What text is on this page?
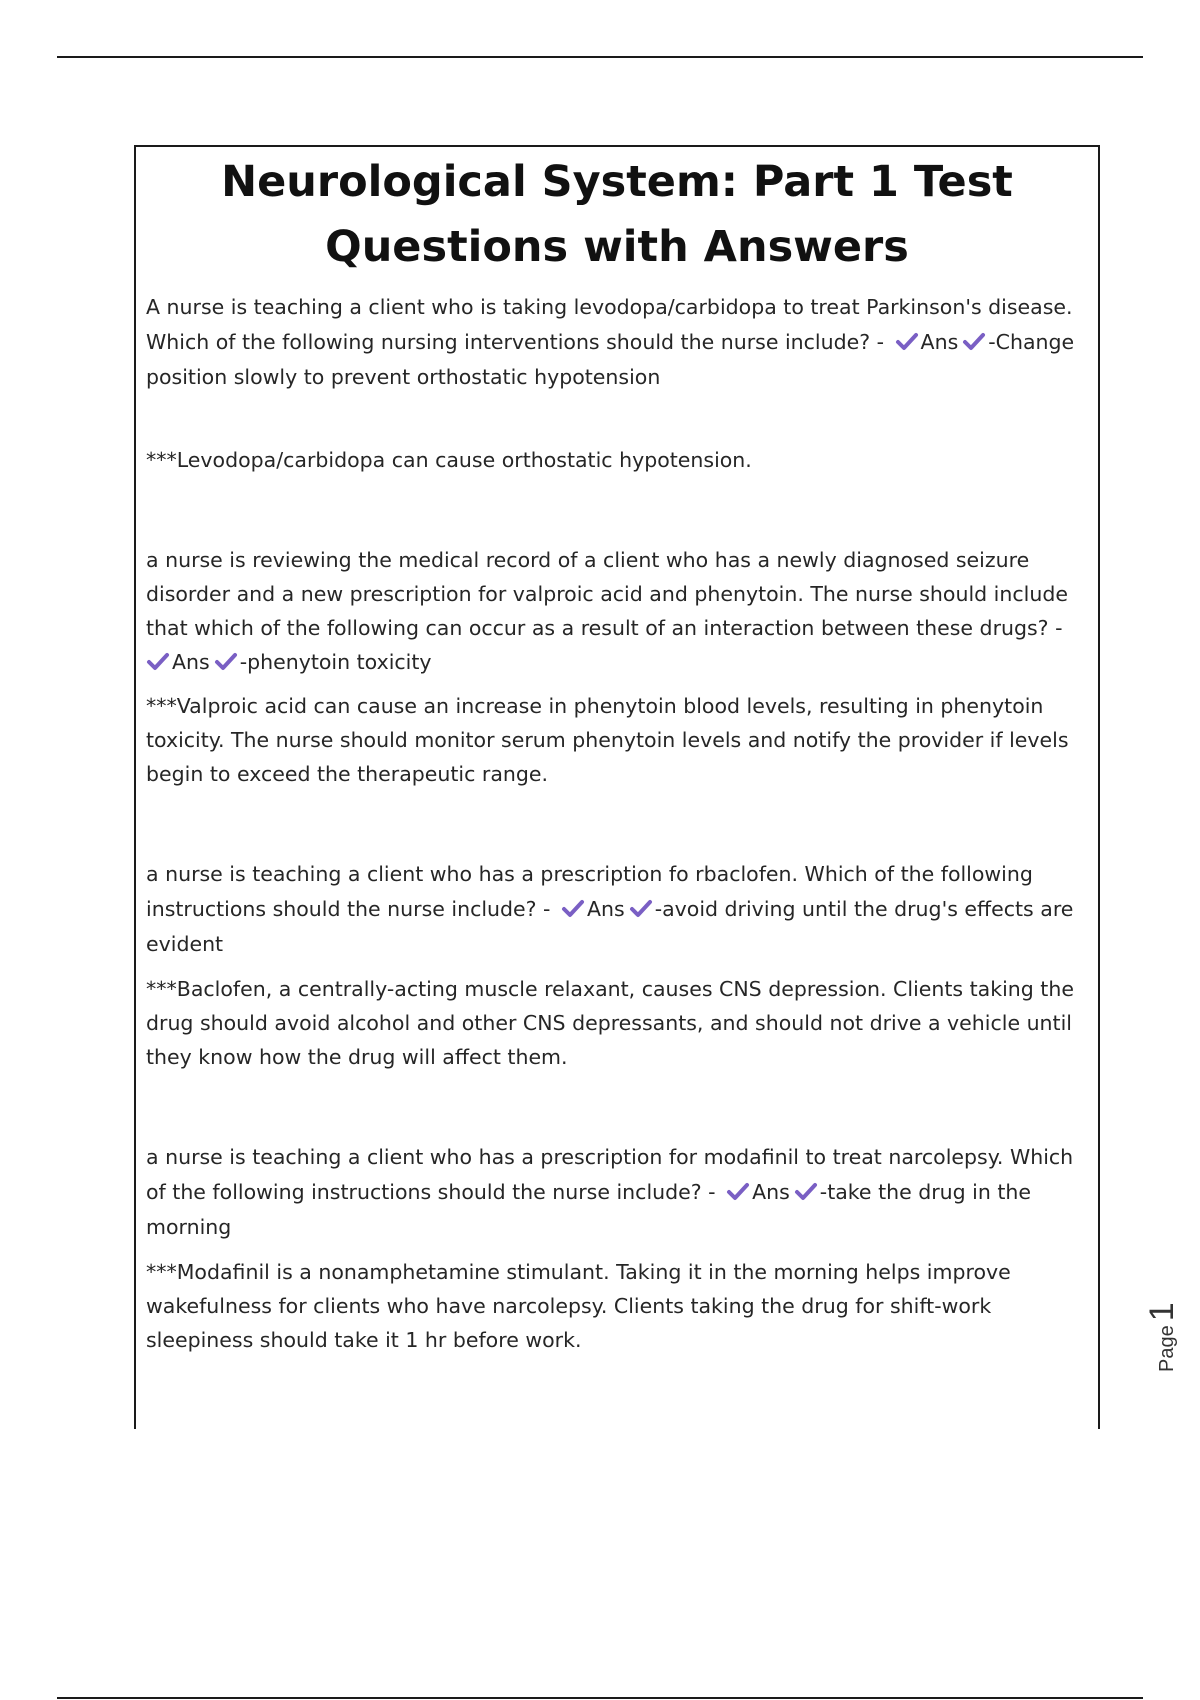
Neurological System: Part 1 Test
Questions with Answers

A nurse is teaching a client who is taking levodopa/carbidopa to treat Parkinson's disease. Which of the following nursing interventions should the nurse include? - Ans -Change position slowly to prevent orthostatic hypotension

***Levodopa/carbidopa can cause orthostatic hypotension.

a nurse is reviewing the medical record of a client who has a newly diagnosed seizure disorder and a new prescription for valproic acid and phenytoin. The nurse should include that which of the following can occur as a result of an interaction between these drugs? -
Ans -phenytoin toxicity

***Valproic acid can cause an increase in phenytoin blood levels, resulting in phenytoin toxicity. The nurse should monitor serum phenytoin levels and notify the provider if levels begin to exceed the therapeutic range.

a nurse is teaching a client who has a prescription fo rbaclofen. Which of the following instructions should the nurse include? - Ans -avoid driving until the drug's effects are evident

***Baclofen, a centrally-acting muscle relaxant, causes CNS depression. Clients taking the drug should avoid alcohol and other CNS depressants, and should not drive a vehicle until they know how the drug will affect them.

a nurse is teaching a client who has a prescription for modafinil to treat narcolepsy. Which of the following instructions should the nurse include? - Ans -take the drug in the morning

***Modafinil is a nonamphetamine stimulant. Taking it in the morning helps improve wakefulness for clients who have narcolepsy. Clients taking the drug for shift-work sleepiness should take it 1 hr before work.	Page1
